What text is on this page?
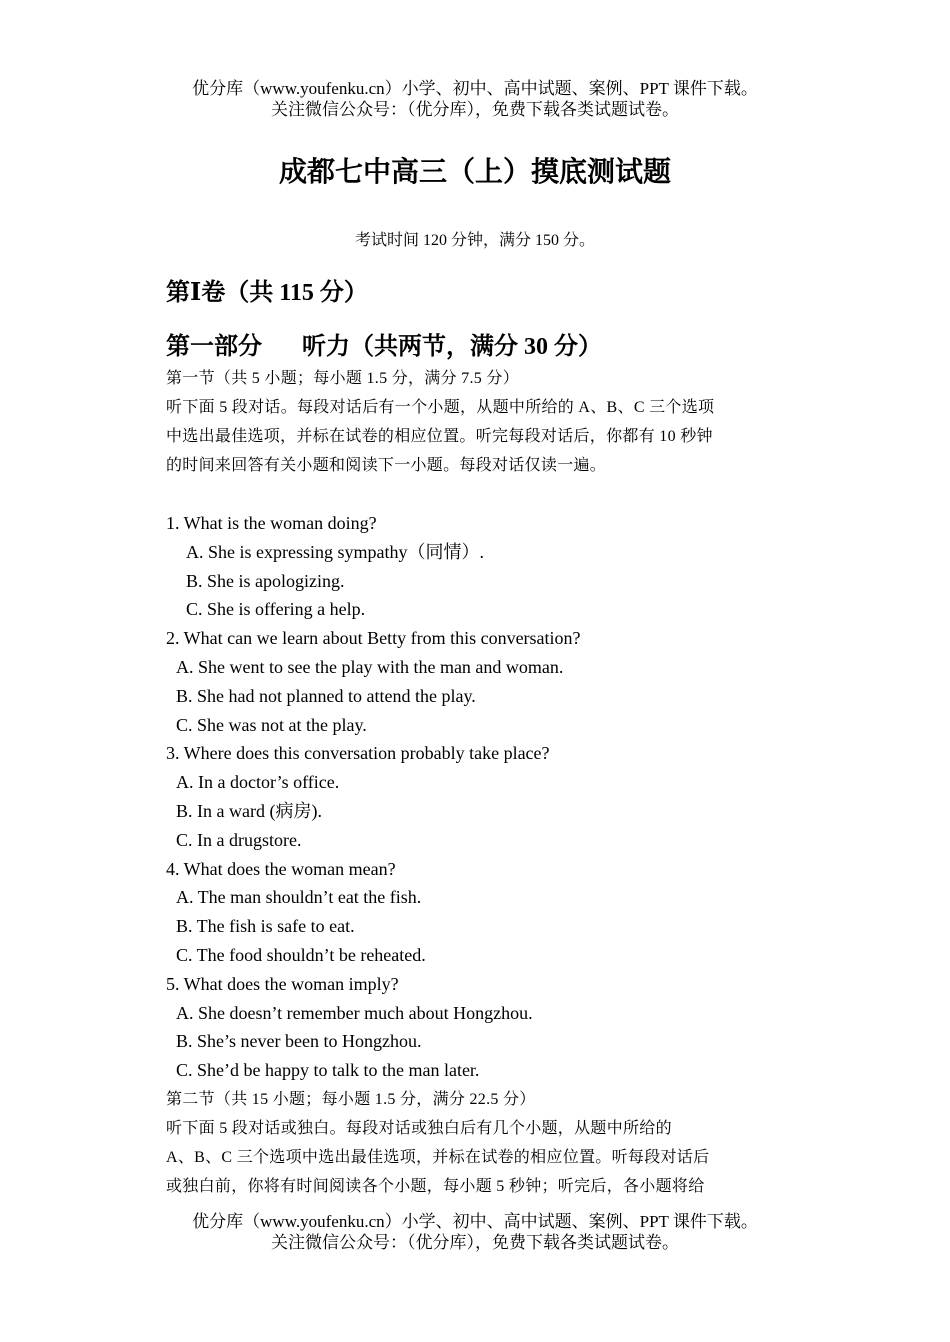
优分库（www.youfenku.cn）小学、初中、高中试题、案例、PPT 课件下载。
关注微信公众号：（优分库），免费下载各类试题试卷。
成都七中高三（上）摸底测试题
考试时间 120 分钟，满分 150 分。
第Ⅰ卷（共 115 分）
第一部分 听力（共两节，满分 30 分）
第一节（共 5 小题；每小题 1.5 分，满分 7.5 分）
听下面 5 段对话。每段对话后有一个小题，从题中所给的 A、B、C 三个选项
中选出最佳选项，并标在试卷的相应位置。听完每段对话后，你都有 10 秒钟
的时间来回答有关小题和阅读下一小题。每段对话仅读一遍。
1. What is the woman doing?
A. She is expressing sympathy（同情）.
B. She is apologizing.
C. She is offering a help.
2. What can we learn about Betty from this conversation?
A. She went to see the play with the man and woman.
B. She had not planned to attend the play.
C. She was not at the play.
3. Where does this conversation probably take place?
A. In a doctor’s office.
B. In a ward (病房).
C. In a drugstore.
4. What does the woman mean?
A. The man shouldn’t eat the fish.
B. The fish is safe to eat.
C. The food shouldn’t be reheated.
5. What does the woman imply?
A. She doesn’t remember much about Hongzhou.
B. She’s never been to Hongzhou.
C. She’d be happy to talk to the man later.
第二节（共 15 小题；每小题 1.5 分，满分 22.5 分）
听下面 5 段对话或独白。每段对话或独白后有几个小题，从题中所给的
A、B、C 三个选项中选出最佳选项，并标在试卷的相应位置。听每段对话后
或独白前，你将有时间阅读各个小题，每小题 5 秒钟；听完后，各小题将给
优分库（www.youfenku.cn）小学、初中、高中试题、案例、PPT 课件下载。
关注微信公众号：（优分库），免费下载各类试题试卷。
